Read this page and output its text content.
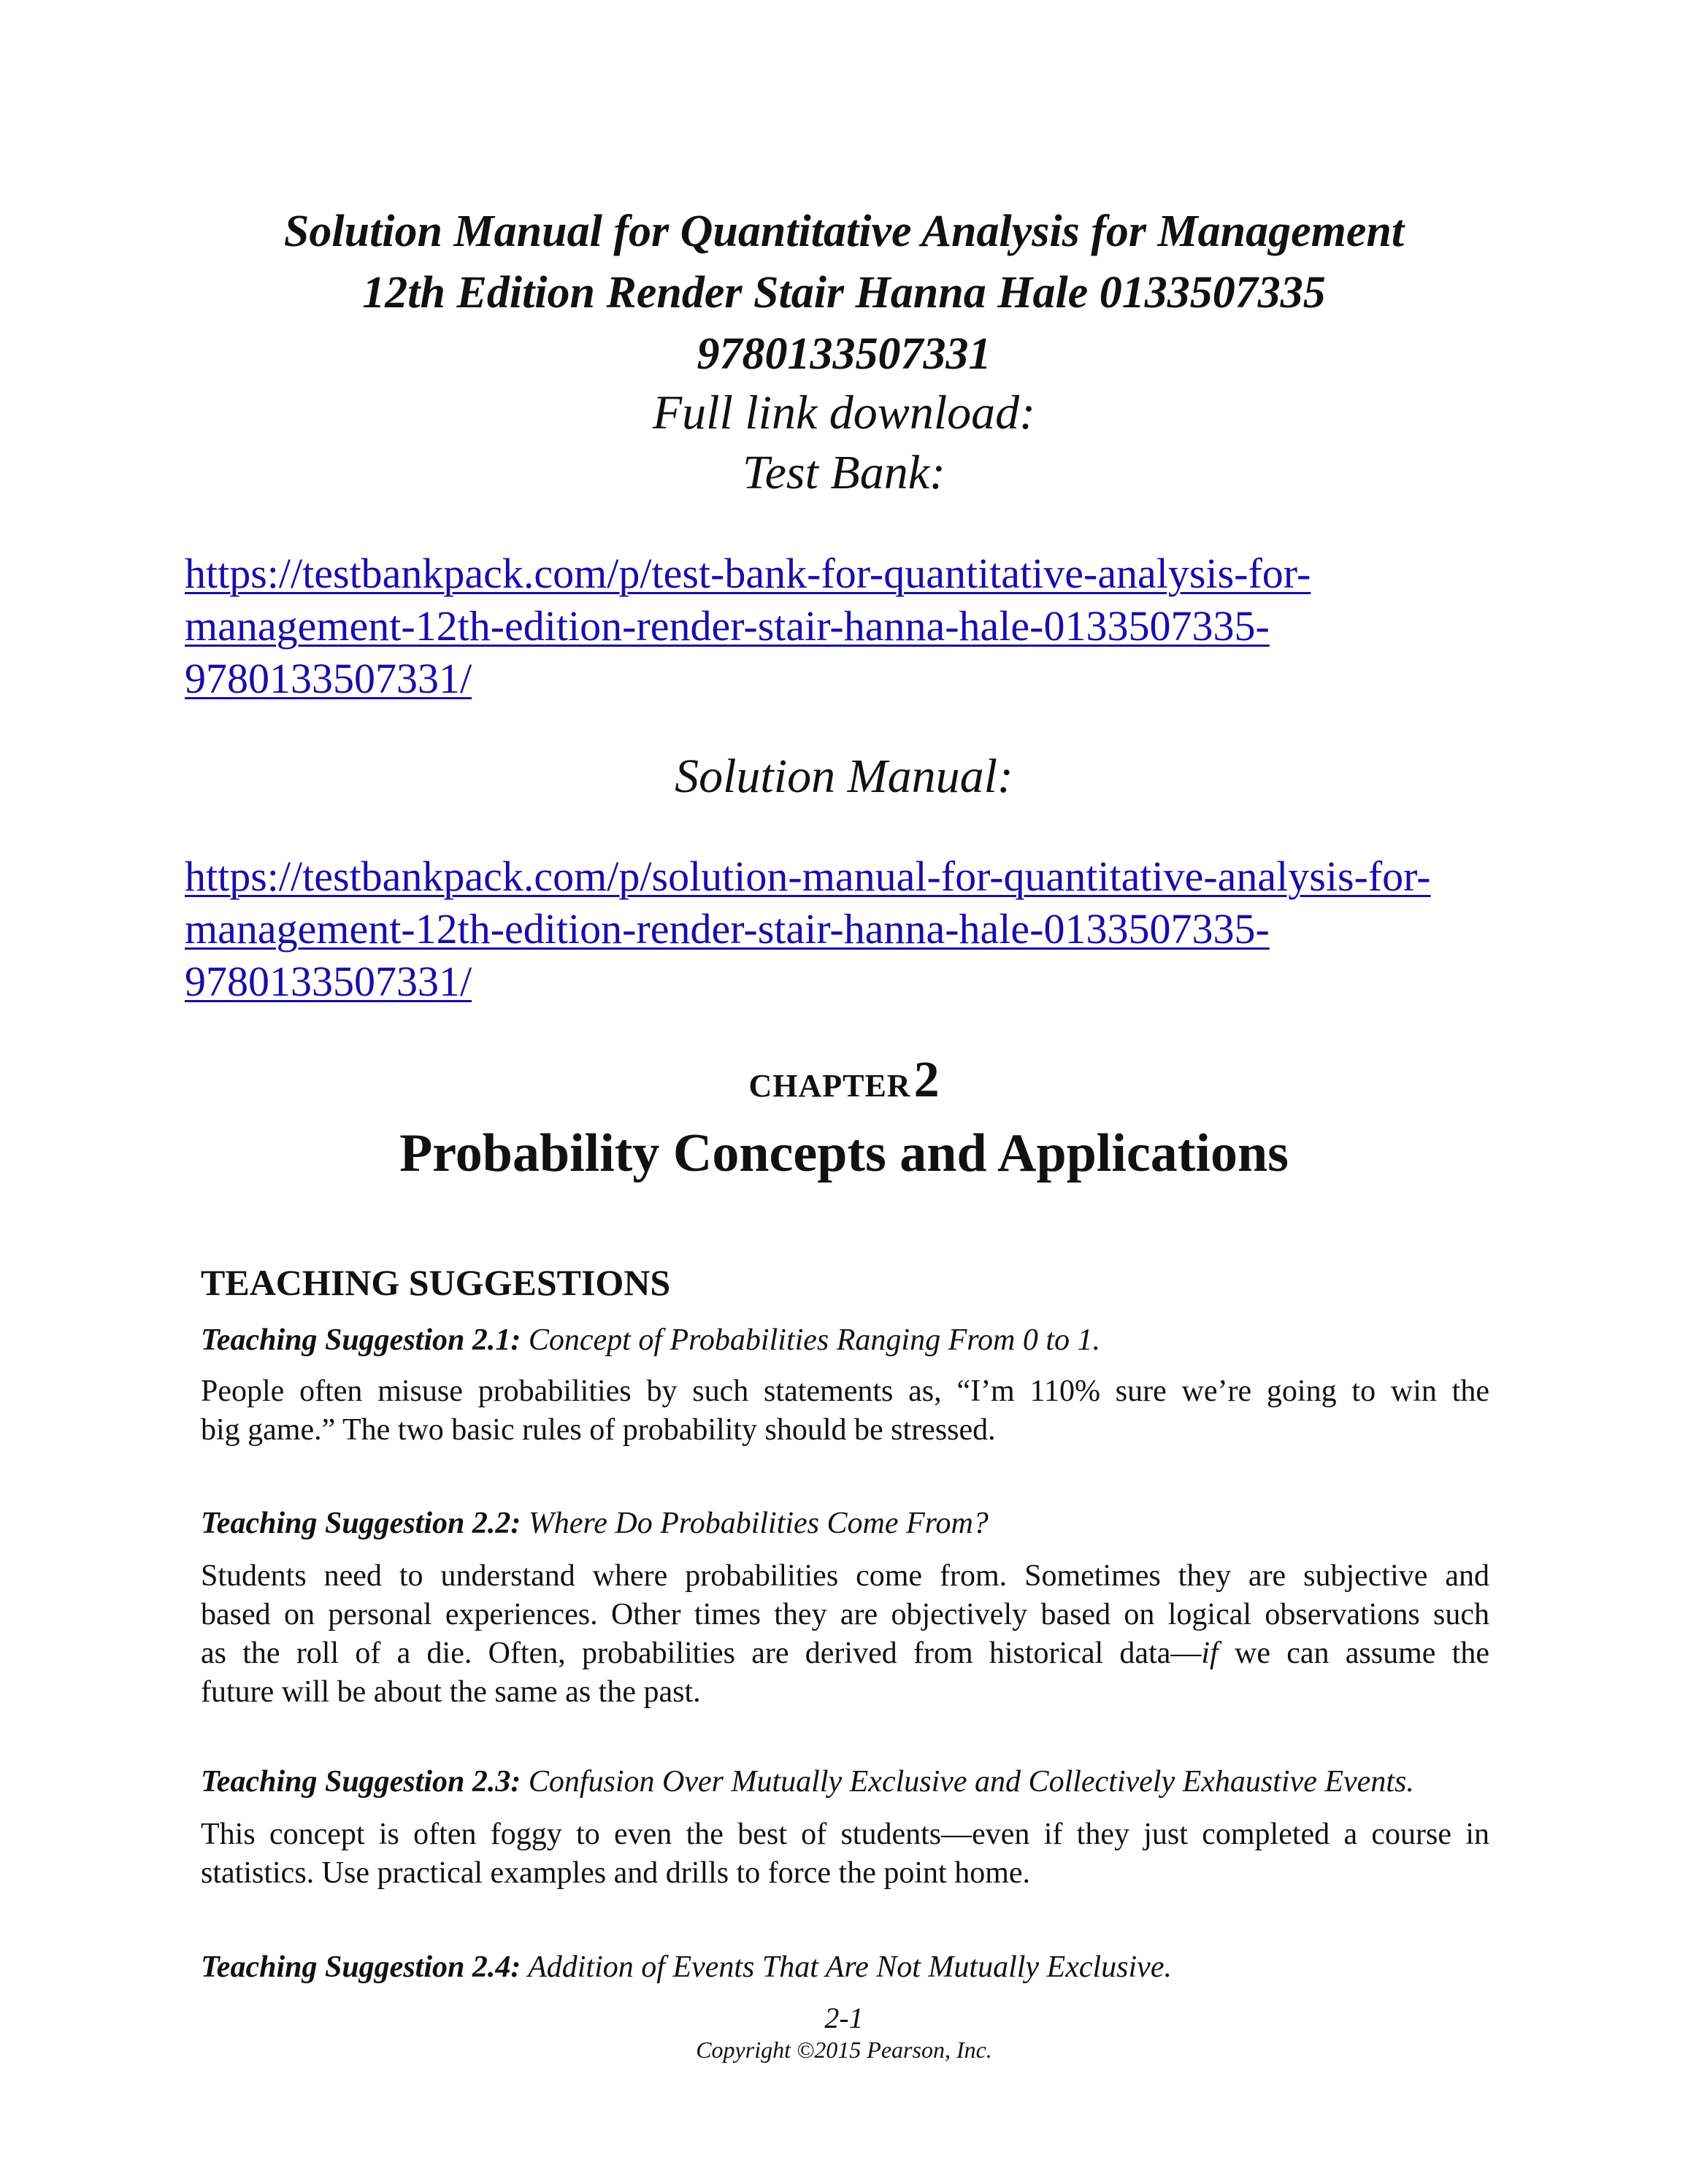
Solution Manual for Quantitative Analysis for Management
12th Edition Render Stair Hanna Hale 0133507335
9780133507331
Full link download:
Test Bank:
https://testbankpack.com/p/test-bank-for-quantitative-analysis-for-
management-12th-edition-render-stair-hanna-hale-0133507335-
9780133507331/
Solution Manual:
https://testbankpack.com/p/solution-manual-for-quantitative-analysis-for-
management-12th-edition-render-stair-hanna-hale-0133507335-
9780133507331/
CHAPTER 2
Probability Concepts and Applications
TEACHING SUGGESTIONS
Teaching Suggestion 2.1: Concept of Probabilities Ranging From 0 to 1.
People often misuse probabilities by such statements as, “I’m 110% sure we’re going to win the
big game.” The two basic rules of probability should be stressed.
Teaching Suggestion 2.2: Where Do Probabilities Come From?
Students need to understand where probabilities come from. Sometimes they are subjective and
based on personal experiences. Other times they are objectively based on logical observations such
as the roll of a die. Often, probabilities are derived from historical data—if we can assume the
future will be about the same as the past.
Teaching Suggestion 2.3: Confusion Over Mutually Exclusive and Collectively Exhaustive Events.
This concept is often foggy to even the best of students—even if they just completed a course in
statistics. Use practical examples and drills to force the point home.
Teaching Suggestion 2.4: Addition of Events That Are Not Mutually Exclusive.
2-1
Copyright ©2015 Pearson, Inc.
